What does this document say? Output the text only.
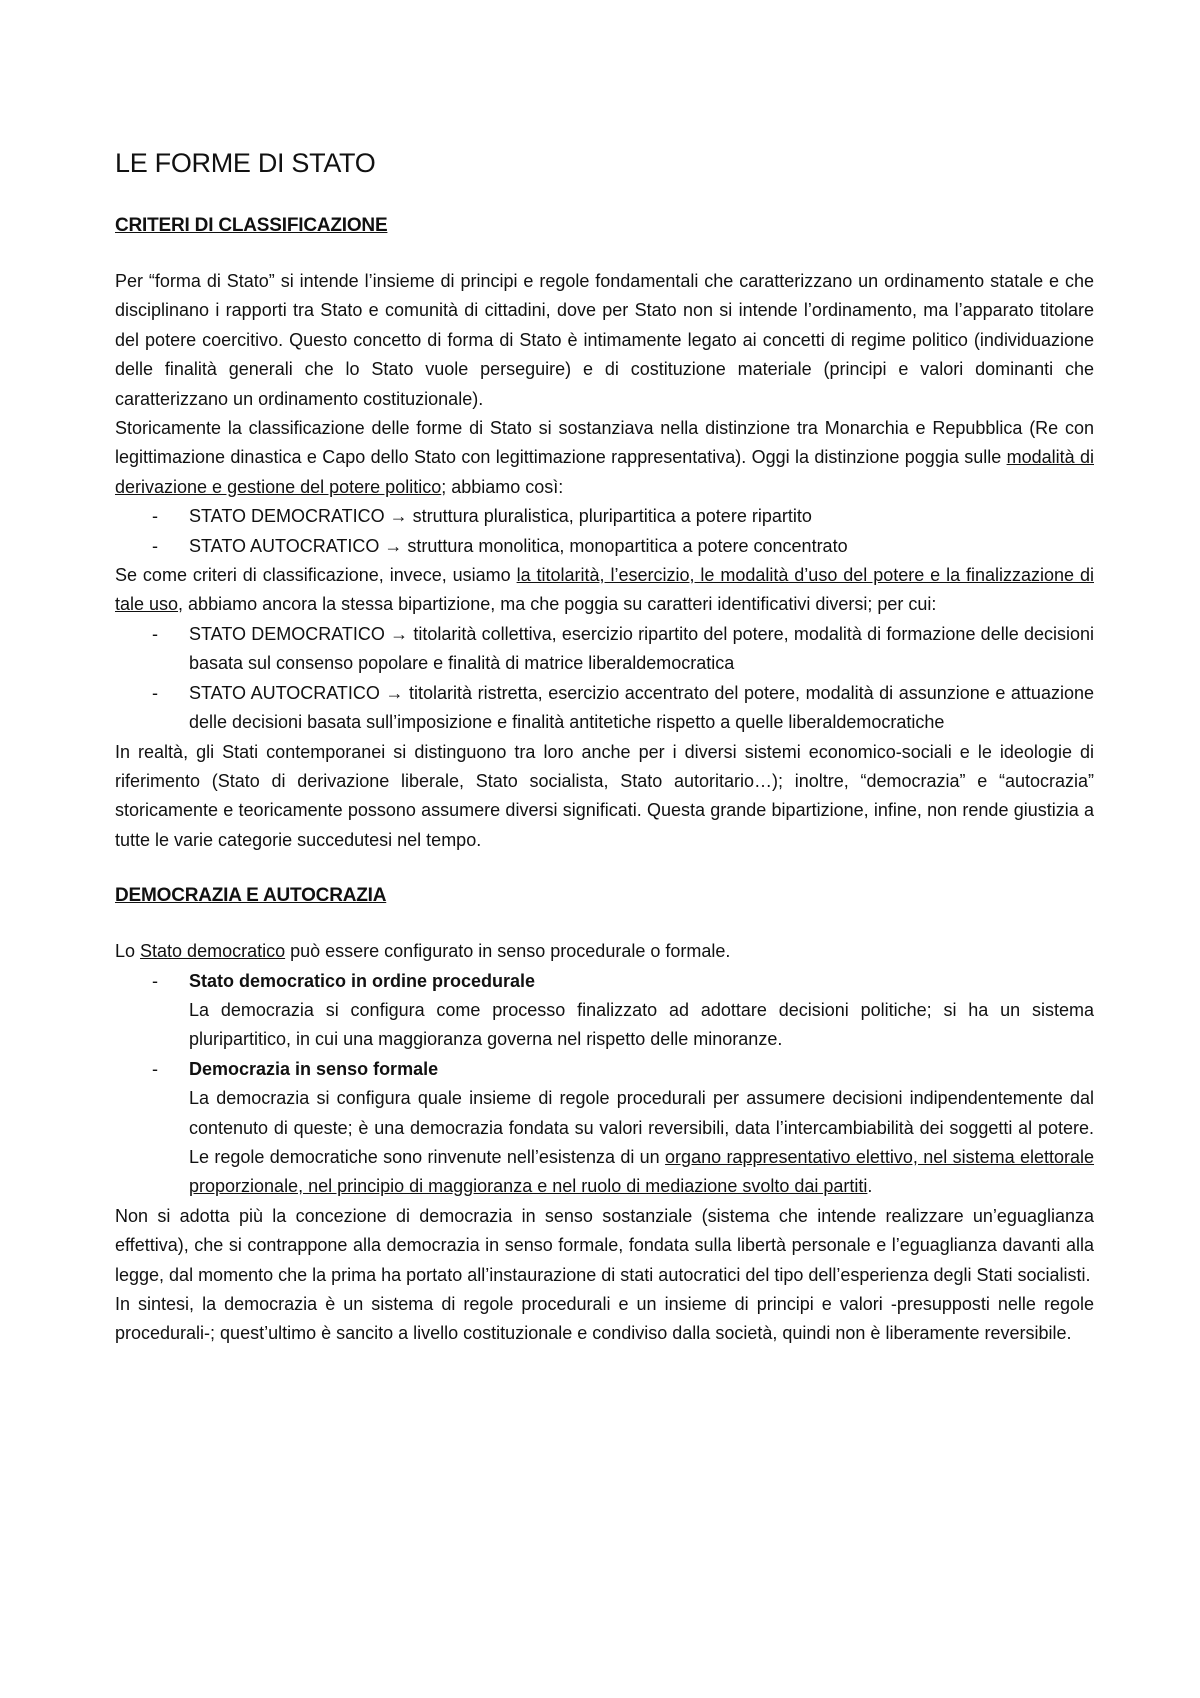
LE FORME DI STATO
CRITERI DI CLASSIFICAZIONE

Per “forma di Stato” si intende l’insieme di principi e regole fondamentali che caratterizzano un ordinamento statale e che disciplinano i rapporti tra Stato e comunità di cittadini, dove per Stato non si intende l’ordinamento, ma l’apparato titolare del potere coercitivo. Questo concetto di forma di Stato è intimamente legato ai concetti di regime politico (individuazione delle finalità generali che lo Stato vuole perseguire) e di costituzione materiale (principi e valori dominanti che caratterizzano un ordinamento costituzionale).

Storicamente la classificazione delle forme di Stato si sostanziava nella distinzione tra Monarchia e Repubblica (Re con legittimazione dinastica e Capo dello Stato con legittimazione rappresentativa). Oggi la distinzione poggia sulle modalità di derivazione e gestione del potere politico; abbiamo così:

- STATO DEMOCRATICO → struttura pluralistica, pluripartitica a potere ripartito
- STATO AUTOCRATICO → struttura monolitica, monopartitica a potere concentrato

Se come criteri di classificazione, invece, usiamo la titolarità, l’esercizio, le modalità d’uso del potere e la finalizzazione di tale uso, abbiamo ancora la stessa bipartizione, ma che poggia su caratteri identificativi diversi; per cui:

- STATO DEMOCRATICO → titolarità collettiva, esercizio ripartito del potere, modalità di formazione delle decisioni basata sul consenso popolare e finalità di matrice liberaldemocratica
- STATO AUTOCRATICO → titolarità ristretta, esercizio accentrato del potere, modalità di assunzione e attuazione delle decisioni basata sull’imposizione e finalità antitetiche rispetto a quelle liberaldemocratiche

In realtà, gli Stati contemporanei si distinguono tra loro anche per i diversi sistemi economico-sociali e le ideologie di riferimento (Stato di derivazione liberale, Stato socialista, Stato autoritario…); inoltre, “democrazia” e “autocrazia” storicamente e teoricamente possono assumere diversi significati. Questa grande bipartizione, infine, non rende giustizia a tutte le varie categorie succedutesi nel tempo.

DEMOCRAZIA E AUTOCRAZIA

Lo Stato democratico può essere configurato in senso procedurale o formale.

- Stato democratico in ordine procedurale
La democrazia si configura come processo finalizzato ad adottare decisioni politiche; si ha un sistema pluripartitico, in cui una maggioranza governa nel rispetto delle minoranze.
- Democrazia in senso formale
La democrazia si configura quale insieme di regole procedurali per assumere decisioni indipendentemente dal contenuto di queste; è una democrazia fondata su valori reversibili, data l’intercambiabilità dei soggetti al potere. Le regole democratiche sono rinvenute nell’esistenza di un organo rappresentativo elettivo, nel sistema elettorale proporzionale, nel principio di maggioranza e nel ruolo di mediazione svolto dai partiti.

Non si adotta più la concezione di democrazia in senso sostanziale (sistema che intende realizzare un’eguaglianza effettiva), che si contrappone alla democrazia in senso formale, fondata sulla libertà personale e l’eguaglianza davanti alla legge, dal momento che la prima ha portato all’instaurazione di stati autocratici del tipo dell’esperienza degli Stati socialisti.

In sintesi, la democrazia è un sistema di regole procedurali e un insieme di principi e valori -presupposti nelle regole procedurali-; quest’ultimo è sancito a livello costituzionale e condiviso dalla società, quindi non è liberamente reversibile.
